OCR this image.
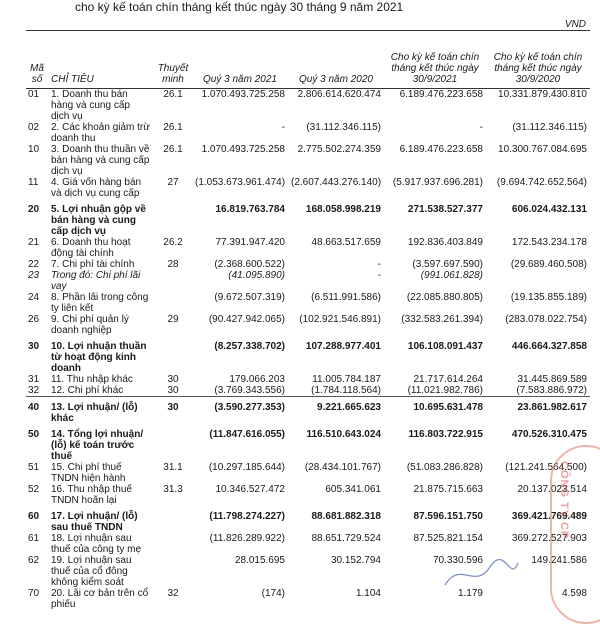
cho kỳ kế toán chín tháng kết thúc ngày 30 tháng 9 năm 2021
VND
Mã số	CHỈ TIÊU	Thuyết minh	Quý 3 năm 2021	Quý 3 năm 2020	Cho kỳ kế toán chín tháng kết thúc ngày 30/9/2021	Cho kỳ kế toán chín tháng kết thúc ngày 30/9/2020
01	1. Doanh thu bán hàng và cung cấp dịch vụ	26.1	1.070.493.725.258	2.806.614.620.474	6.189.476.223.658	10.331.879.430.810
02	2. Các khoản giảm trừ doanh thu	26.1	-	(31.112.346.115)	-	(31.112.346.115)
10	3. Doanh thu thuần về bán hàng và cung cấp dịch vụ	26.1	1.070.493.725.258	2.775.502.274.359	6.189.476.223.658	10.300.767.084.695
11	4. Giá vốn hàng bán và dịch vụ cung cấp	27	(1.053.673.961.474)	(2.607.443.276.140)	(5.917.937.696.281)	(9.694.742.652.564)
20	5. Lợi nhuận gộp về bán hàng và cung cấp dịch vụ		16.819.763.784	168.058.998.219	271.538.527.377	606.024.432.131
21	6. Doanh thu hoạt động tài chính	26.2	77.391.947.420	48.663.517.659	192.836.403.849	172.543.234.178
22	7. Chi phí tài chính	28	(2.368.600.522)	-	(3.597.697.590)	(29.689.460.508)
23	Trong đó: Chi phí lãi vay		(41.095.890)	-	(991.061.828)	
24	8. Phần lãi trong công ty liên kết		(9.672.507.319)	(6.511.991.586)	(22.085.880.805)	(19.135.855.189)
26	9. Chi phí quản lý doanh nghiệp	29	(90.427.942.065)	(102.921.546.891)	(332.583.261.394)	(283.078.022.754)
30	10. Lợi nhuận thuần từ hoạt động kinh doanh		(8.257.338.702)	107.288.977.401	106.108.091.437	446.664.327.858
31	11. Thu nhập khác	30	179.066.203	11.005.784.187	21.717.614.264	31.445.869.589
32	12. Chi phí khác	30	(3.769.343.556)	(1.784.118.564)	(11.021.982.786)	(7.583.886.972)
40	13. Lợi nhuận/ (lỗ) khác	30	(3.590.277.353)	9.221.665.623	10.695.631.478	23.861.982.617
50	14. Tổng lợi nhuận/ (lỗ) kế toán trước thuế		(11.847.616.055)	116.510.643.024	116.803.722.915	470.526.310.475
51	15. Chi phí thuế TNDN hiện hành	31.1	(10.297.185.644)	(28.434.101.767)	(51.083.286.828)	(121.241.564.500)
52	16. Thu nhập thuế TNDN hoãn lại	31.3	10.346.527.472	605.341.061	21.875.715.663	20.137.023.514
60	17. Lợi nhuận/ (lỗ) sau thuế TNDN		(11.798.274.227)	88.681.882.318	87.596.151.750	369.421.769.489
61	18. Lợi nhuận sau thuế của công ty mẹ		(11.826.289.922)	88.651.729.524	87.525.821.154	369.272.527.903
62	19. Lợi nhuận sau thuế của cổ đông không kiểm soát		28.015.695	30.152.794	70.330.596	149.241.586
70	20. Lãi cơ bản trên cổ phiếu	32	(174)	1.104	1.179	4.598
CÔNG TY CP
